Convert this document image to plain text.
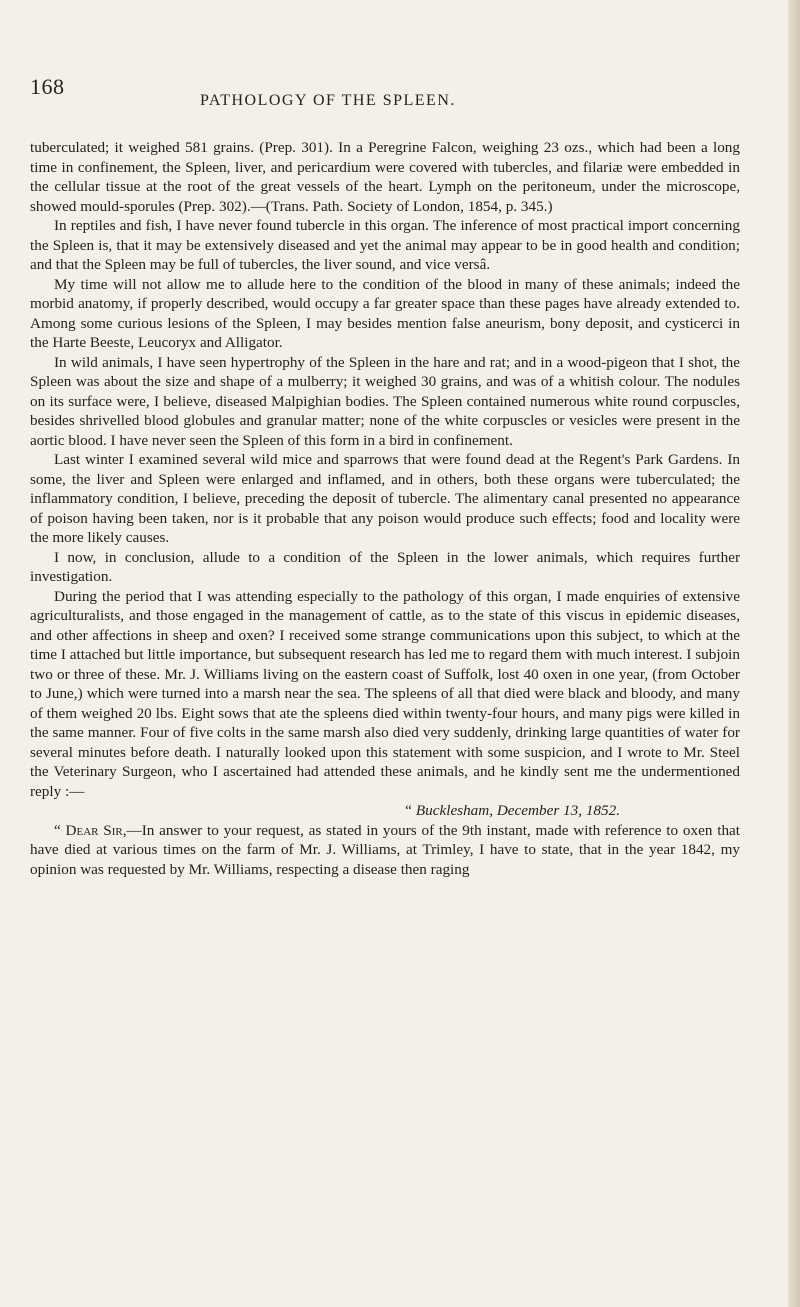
168
PATHOLOGY OF THE SPLEEN.

tuberculated; it weighed 581 grains. (Prep. 301). In a Peregrine Falcon, weighing 23 ozs., which had been a long time in confinement, the Spleen, liver, and pericardium were covered with tubercles, and filariæ were embedded in the cellular tissue at the root of the great vessels of the heart. Lymph on the peritoneum, under the microscope, showed mould-sporules (Prep. 302).—(Trans. Path. Society of London, 1854, p. 345.)

In reptiles and fish, I have never found tubercle in this organ. The inference of most practical import concerning the Spleen is, that it may be extensively diseased and yet the animal may appear to be in good health and condition; and that the Spleen may be full of tubercles, the liver sound, and vice versâ.

My time will not allow me to allude here to the condition of the blood in many of these animals; indeed the morbid anatomy, if properly described, would occupy a far greater space than these pages have already extended to. Among some curious lesions of the Spleen, I may besides mention false aneurism, bony deposit, and cysticerci in the Harte Beeste, Leucoryx and Alligator.

In wild animals, I have seen hypertrophy of the Spleen in the hare and rat; and in a wood-pigeon that I shot, the Spleen was about the size and shape of a mulberry; it weighed 30 grains, and was of a whitish colour. The nodules on its surface were, I believe, diseased Malpighian bodies. The Spleen contained numerous white round corpuscles, besides shrivelled blood globules and granular matter; none of the white corpuscles or vesicles were present in the aortic blood. I have never seen the Spleen of this form in a bird in confinement.

Last winter I examined several wild mice and sparrows that were found dead at the Regent's Park Gardens. In some, the liver and Spleen were enlarged and inflamed, and in others, both these organs were tuberculated; the inflammatory condition, I believe, preceding the deposit of tubercle. The alimentary canal presented no appearance of poison having been taken, nor is it probable that any poison would produce such effects; food and locality were the more likely causes.

I now, in conclusion, allude to a condition of the Spleen in the lower animals, which requires further investigation.

During the period that I was attending especially to the pathology of this organ, I made enquiries of extensive agriculturalists, and those engaged in the management of cattle, as to the state of this viscus in epidemic diseases, and other affections in sheep and oxen? I received some strange communications upon this subject, to which at the time I attached but little importance, but subsequent research has led me to regard them with much interest. I subjoin two or three of these. Mr. J. Williams living on the eastern coast of Suffolk, lost 40 oxen in one year, (from October to June,) which were turned into a marsh near the sea. The spleens of all that died were black and bloody, and many of them weighed 20 lbs. Eight sows that ate the spleens died within twenty-four hours, and many pigs were killed in the same manner. Four of five colts in the same marsh also died very suddenly, drinking large quantities of water for several minutes before death. I naturally looked upon this statement with some suspicion, and I wrote to Mr. Steel the Veterinary Surgeon, who I ascertained had attended these animals, and he kindly sent me the undermentioned reply :—

“ Bucklesham, December 13, 1852.

“ Dear Sir,—In answer to your request, as stated in yours of the 9th instant, made with reference to oxen that have died at various times on the farm of Mr. J. Williams, at Trimley, I have to state, that in the year 1842, my opinion was requested by Mr. Williams, respecting a disease then raging
